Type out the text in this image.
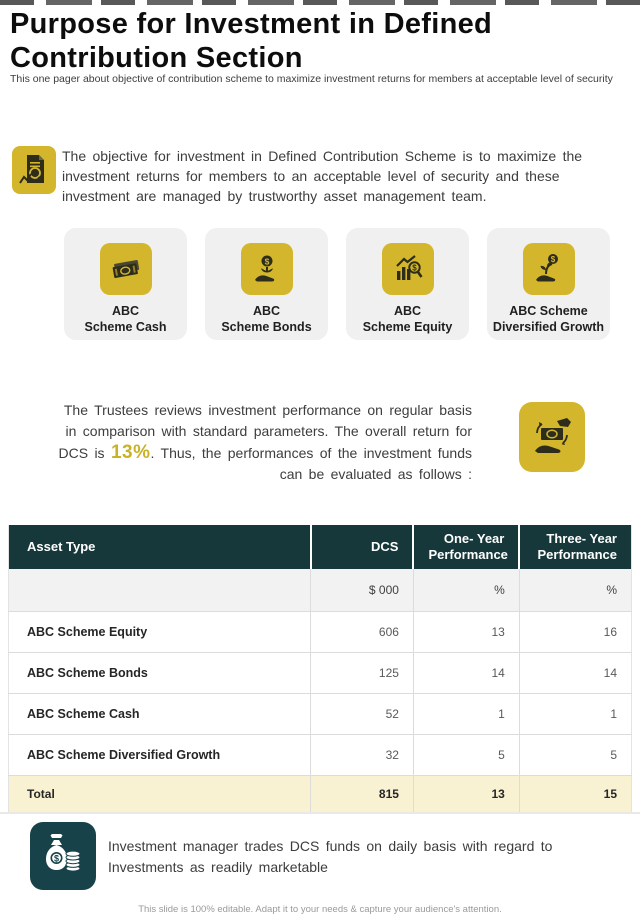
Purpose for Investment in Defined Contribution Section

This one pager about objective of contribution scheme to maximize investment returns for members at acceptable level of security

The objective for investment in Defined Contribution Scheme is to maximize the investment returns for members to an acceptable level of security and these investment are managed by trustworthy asset management team.

ABC
Scheme Cash
$
ABC
Scheme Bonds
$
ABC
Scheme Equity
$
ABC Scheme
Diversified Growth

The Trustees reviews investment performance on regular basis in comparison with standard parameters. The overall return for DCS is 13%. Thus, the performances of the investment funds can be evaluated as follows :

Asset Type	DCS	One- Year Performance	Three- Year Performance
	$ 000	%	%
ABC Scheme Equity	606	13	16
ABC Scheme Bonds	125	14	14
ABC Scheme Cash	52	1	1
ABC Scheme Diversified Growth	32	5	5
Total	815	13	15
$

Investment manager trades DCS funds on daily basis with regard to Investments as readily marketable

This slide is 100% editable. Adapt it to your needs & capture your audience's attention.
